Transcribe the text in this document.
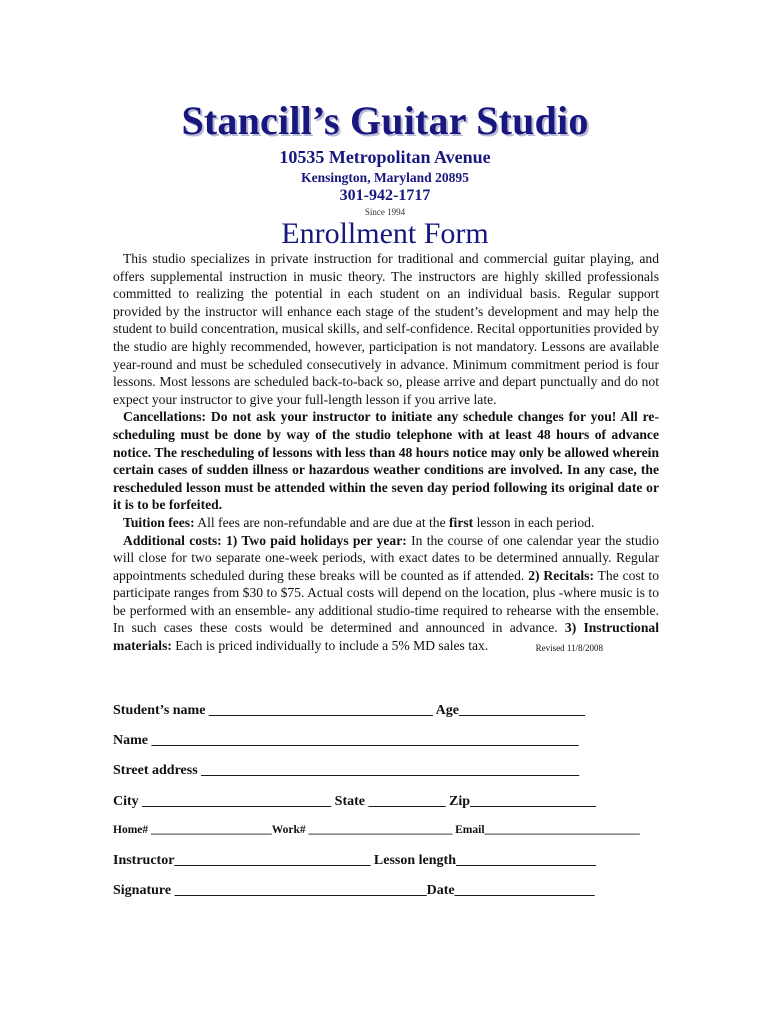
Stancill’s Guitar Studio
10535 Metropolitan Avenue
Kensington, Maryland 20895
301-942-1717
Since 1994
Enrollment Form

This studio specializes in private instruction for traditional and commercial guitar playing, and offers supplemental instruction in music theory. The instructors are highly skilled professionals committed to realizing the potential in each student on an individual basis. Regular support provided by the instructor will enhance each stage of the student’s development and may help the student to build concentration, musical skills, and self-confidence. Recital opportunities provided by the studio are highly recommended, however, participation is not mandatory. Lessons are available year-round and must be scheduled consecutively in advance. Minimum commitment period is four lessons. Most lessons are scheduled back-to-back so, please arrive and depart punctually and do not expect your instructor to give your full-length lesson if you arrive late.

Cancellations: Do not ask your instructor to initiate any schedule changes for you! All re-scheduling must be done by way of the studio telephone with at least 48 hours of advance notice. The rescheduling of lessons with less than 48 hours notice may only be allowed wherein certain cases of sudden illness or hazardous weather conditions are involved. In any case, the rescheduled lesson must be attended within the seven day period following its original date or it is to be forfeited.

Tuition fees: All fees are non-refundable and are due at the first lesson in each period.

Additional costs: 1) Two paid holidays per year: In the course of one calendar year the studio will close for two separate one-week periods, with exact dates to be determined annually. Regular appointments scheduled during these breaks will be counted as if attended. 2) Recitals: The cost to participate ranges from $30 to $75. Actual costs will depend on the location, plus -where music is to be performed with an ensemble- any additional studio-time required to rehearse with the ensemble. In such cases these costs would be determined and announced in advance. 3) Instructional materials: Each is priced individually to include a 5% MD sales tax.	Revised 11/8/2008

Student’s name ________________________________ Age__________________
Name _____________________________________________________________
Street address ______________________________________________________
City ___________________________ State ___________ Zip__________________
Home# _____________________Work# _________________________ Email___________________________
Instructor____________________________ Lesson length____________________
Signature ____________________________________Date____________________
